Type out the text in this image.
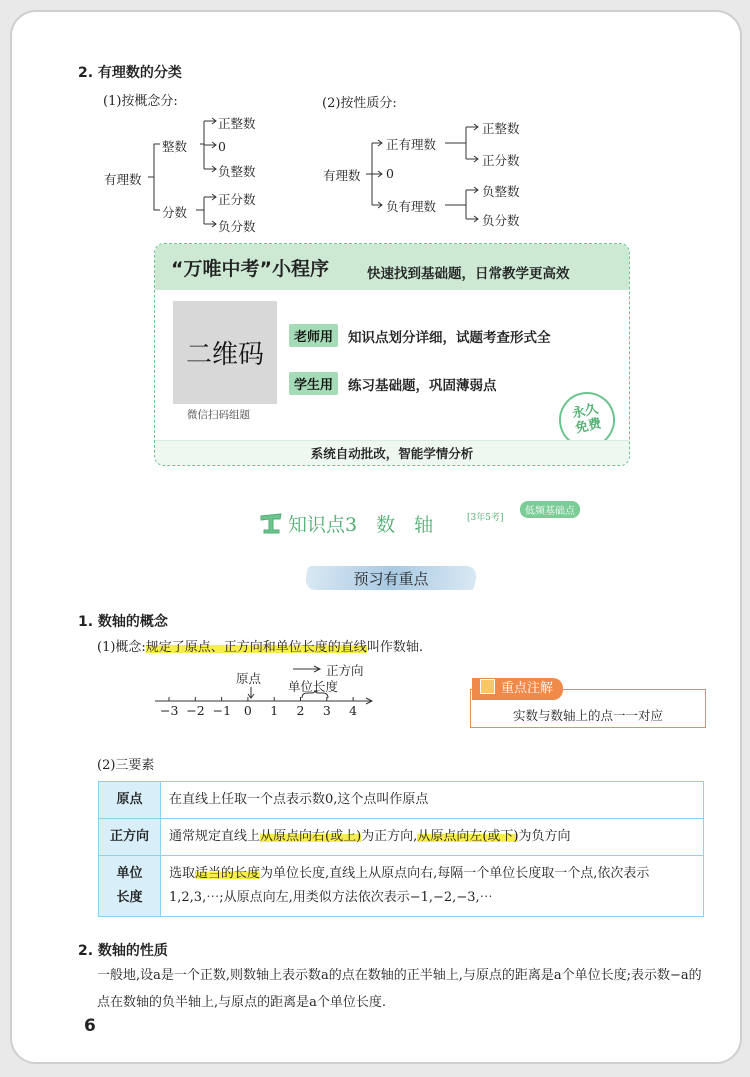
2. 有理数的分类
(1)按概念分:
有理数
整数
分数
正整数
0
负整数
正分数
负分数
(2)按性质分:
有理数
正有理数
0
负有理数
正整数
正分数
负整数
负分数
“万唯中考”小程序	快速找到基础题，日常教学更高效
二维码
微信扫码组题
老师用	知识点划分详细，试题考查形式全
学生用	练习基础题，巩固薄弱点
永久
免费
系统自动批改，智能学情分析
知识点3　数　轴	[3年5考]
低频基础点
预习有重点
1. 数轴的概念
(1)概念:规定了原点、正方向和单位长度的直线叫作数轴.
原点
正方向
单位长度
−3 −2 −1	0	1	2	3	4
重点注解
实数与数轴上的点一一对应
(2)三要素
原点	在直线上任取一个点表示数0,这个点叫作原点
正方向	通常规定直线上从原点向右(或上)为正方向,从原点向左(或下)为负方向
单位
长度	选取适当的长度为单位长度,直线上从原点向右,每隔一个单位长度取一个点,依次表示1,2,3,⋯;从原点向左,用类似方法依次表示−1,−2,−3,⋯
2. 数轴的性质
一般地,设a是一个正数,则数轴上表示数a的点在数轴的正半轴上,与原点的距离是a个单位长度;表示数−a的点在数轴的负半轴上,与原点的距离是a个单位长度.
6
